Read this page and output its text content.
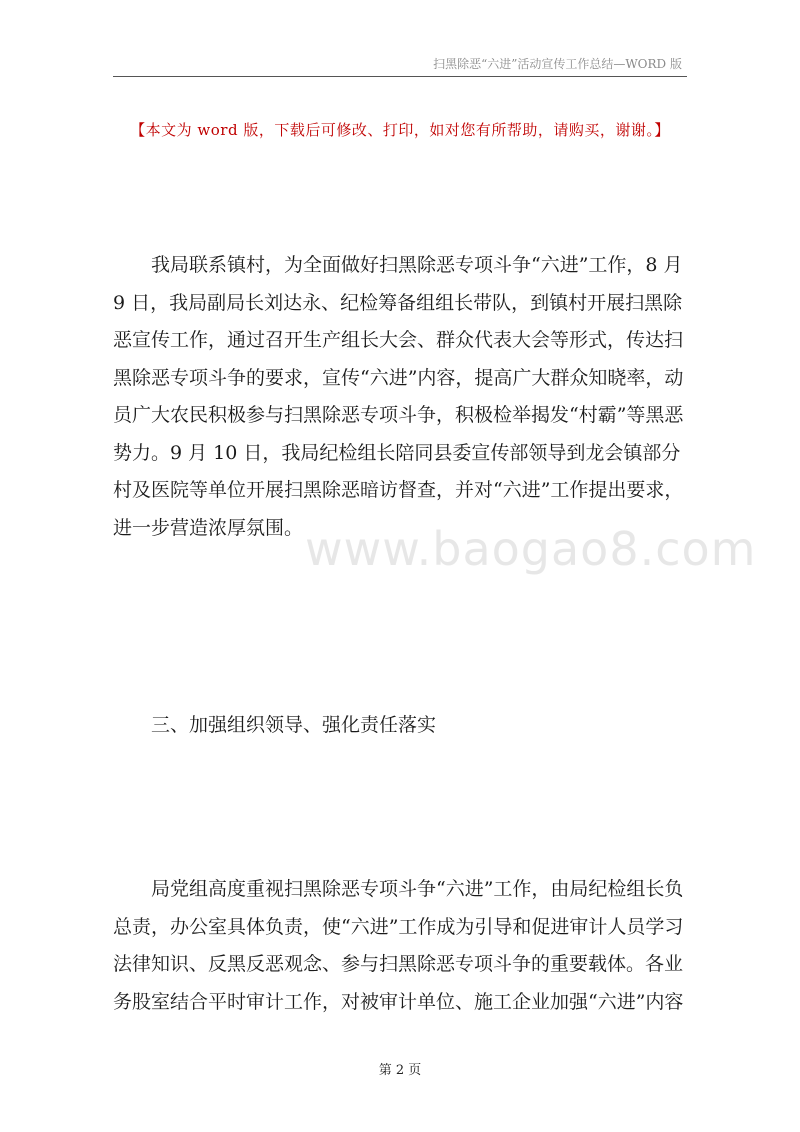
扫黑除恶“六进”活动宣传工作总结—WORD 版
【本文为 word 版，下载后可修改、打印，如对您有所帮助，请购买，谢谢。】

我局联系镇村，为全面做好扫黑除恶专项斗争“六进”工作，8 月 9 日，我局副局长刘达永、纪检筹备组组长带队，到镇村开展扫黑除恶宣传工作，通过召开生产组长大会、群众代表大会等形式，传达扫黑除恶专项斗争的要求，宣传“六进”内容，提高广大群众知晓率，动员广大农民积极参与扫黑除恶专项斗争，积极检举揭发“村霸”等黑恶势力。9 月 10 日，我局纪检组长陪同县委宣传部领导到龙会镇部分村及医院等单位开展扫黑除恶暗访督查，并对“六进”工作提出要求，进一步营造浓厚氛围。

三、加强组织领导、强化责任落实

局党组高度重视扫黑除恶专项斗争“六进”工作，由局纪检组长负总责，办公室具体负责，使“六进”工作成为引导和促进审计人员学习法律知识、反黑反恶观念、参与扫黑除恶专项斗争的重要载体。各业务股室结合平时审计工作，对被审计单位、施工企业加强“六进”内容

www.baogao8.com
第 2 页
